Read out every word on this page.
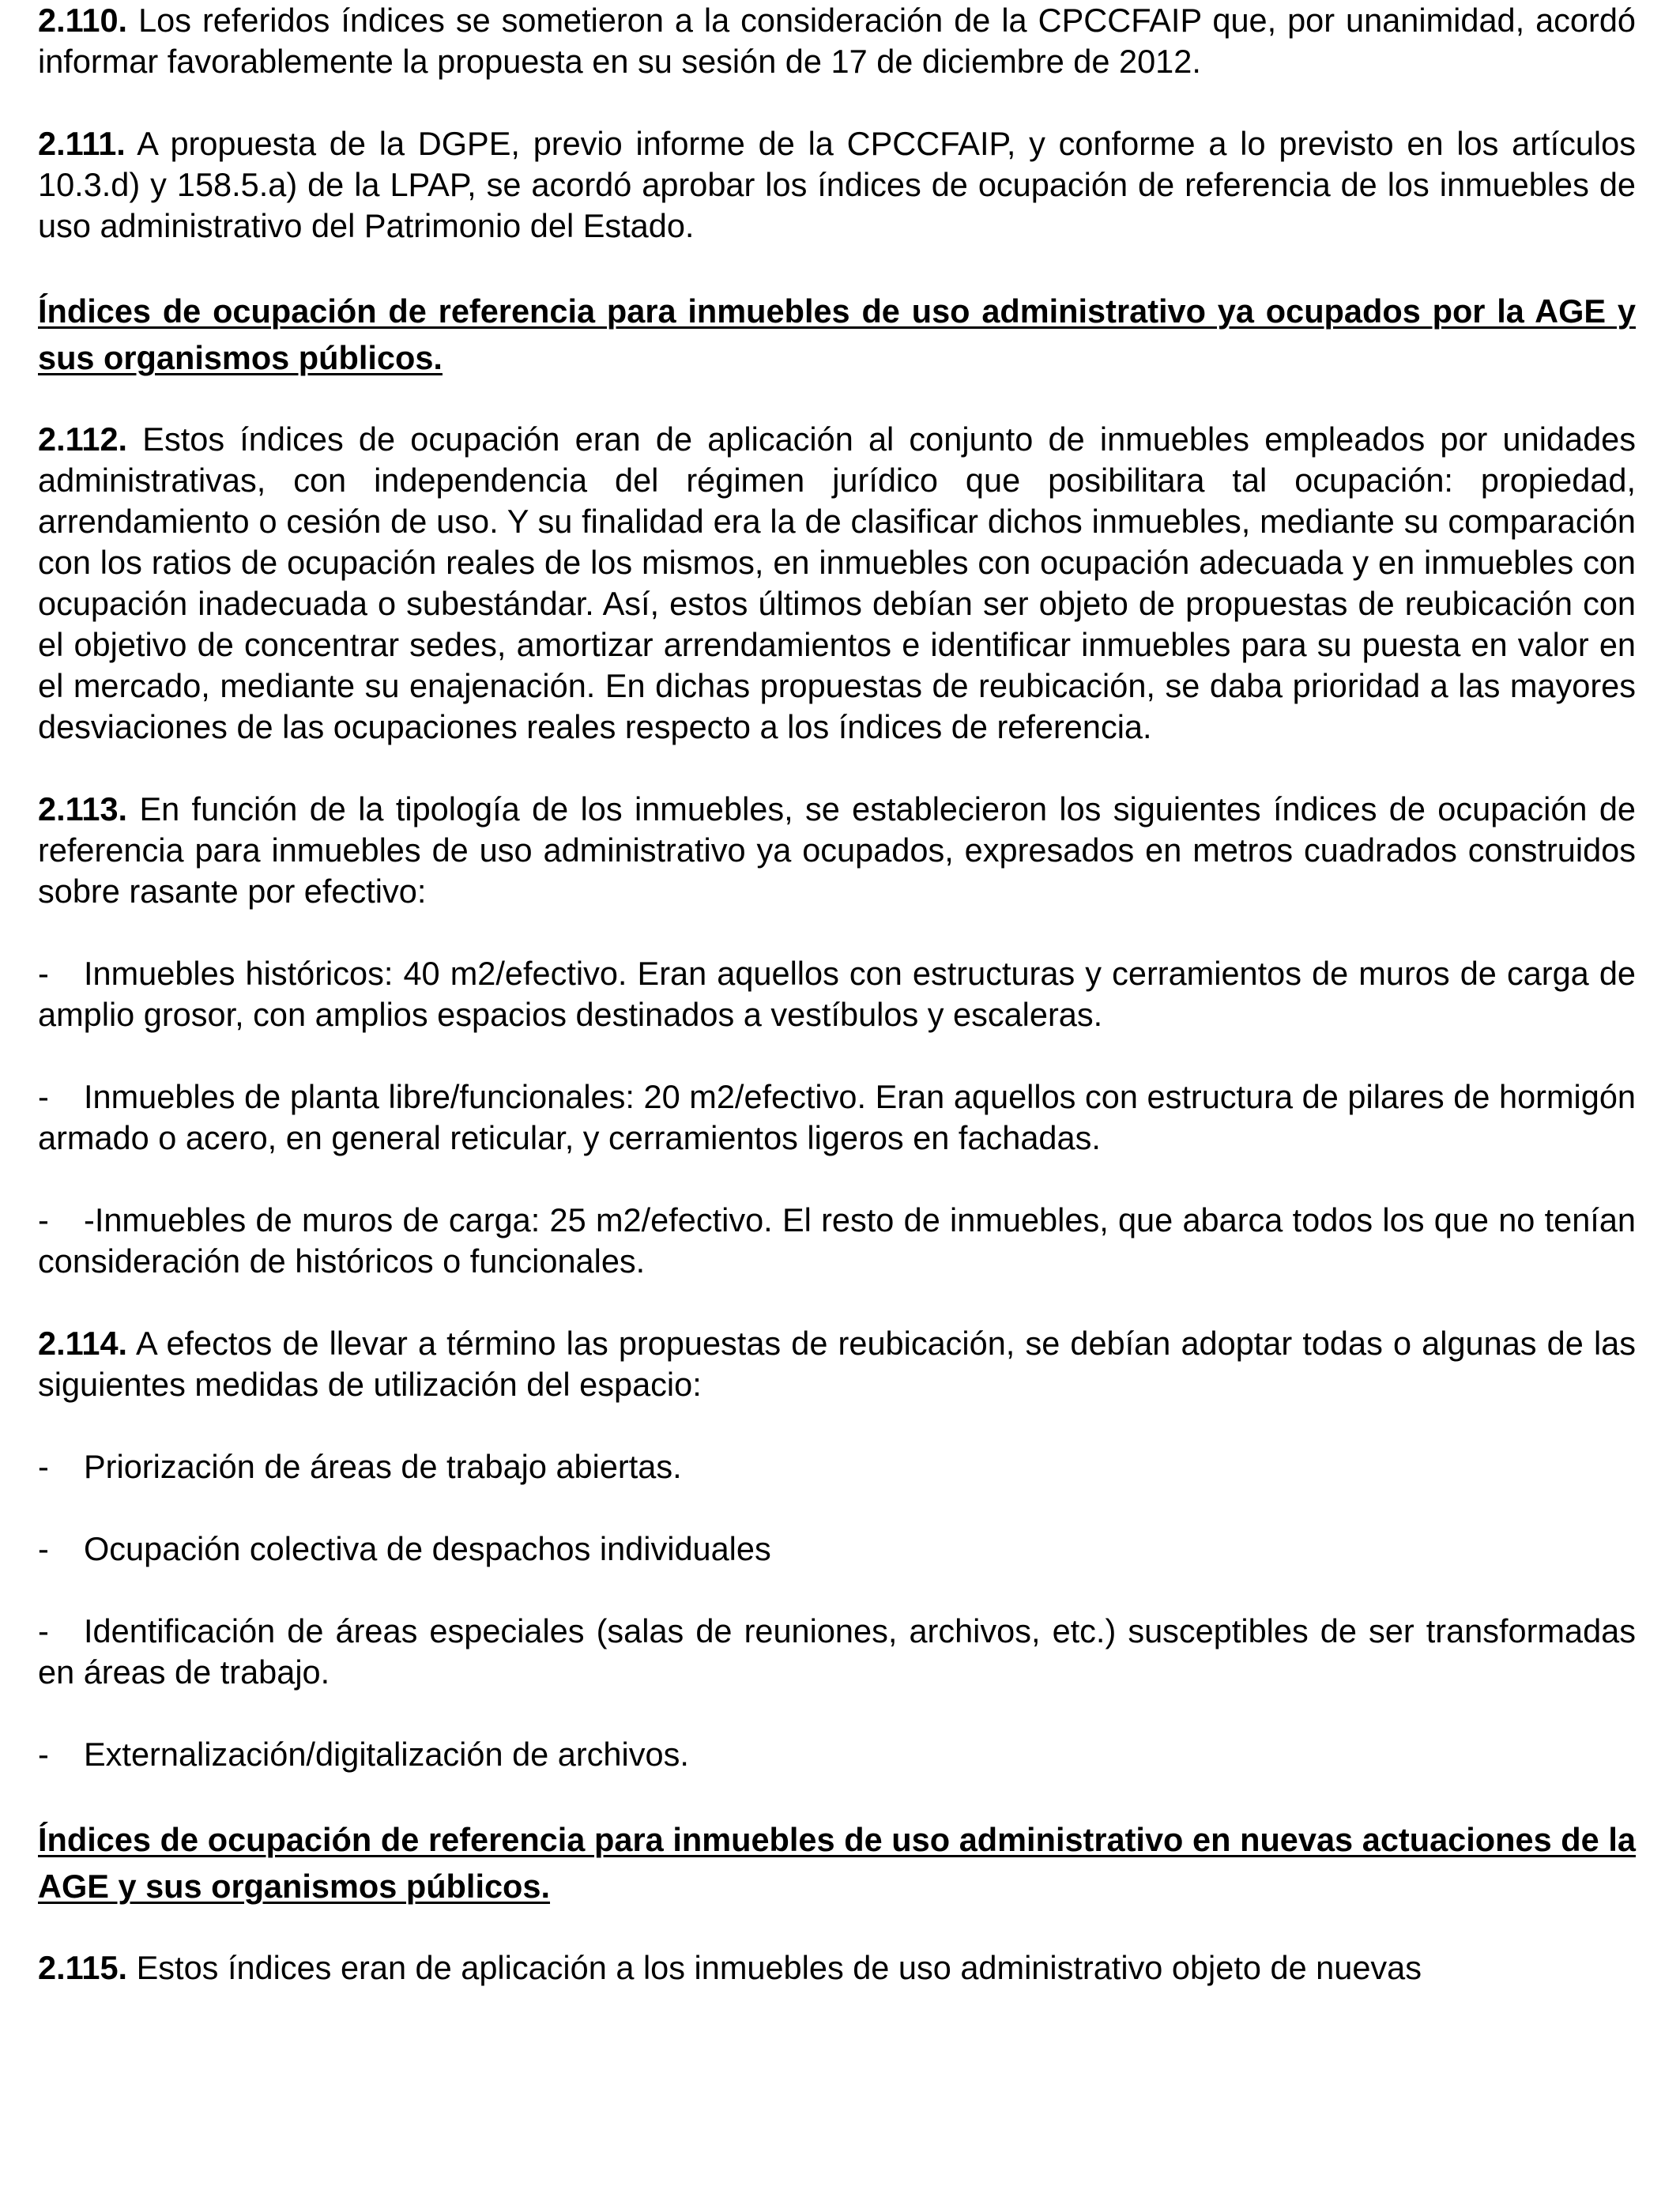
2.110. Los referidos índices se sometieron a la consideración de la CPCCFAIP que, por unanimidad, acordó informar favorablemente la propuesta en su sesión de 17 de diciembre de 2012.

2.111. A propuesta de la DGPE, previo informe de la CPCCFAIP, y conforme a lo previsto en los artículos 10.3.d) y 158.5.a) de la LPAP, se acordó aprobar los índices de ocupación de referencia de los inmuebles de uso administrativo del Patrimonio del Estado.

Índices de ocupación de referencia para inmuebles de uso administrativo ya ocupados por la AGE y sus organismos públicos.

2.112. Estos índices de ocupación eran de aplicación al conjunto de inmuebles empleados por unidades administrativas, con independencia del régimen jurídico que posibilitara tal ocupación: propiedad, arrendamiento o cesión de uso. Y su finalidad era la de clasificar dichos inmuebles, mediante su comparación con los ratios de ocupación reales de los mismos, en inmuebles con ocupación adecuada y en inmuebles con ocupación inadecuada o subestándar. Así, estos últimos debían ser objeto de propuestas de reubicación con el objetivo de concentrar sedes, amortizar arrendamientos e identificar inmuebles para su puesta en valor en el mercado, mediante su enajenación. En dichas propuestas de reubicación, se daba prioridad a las mayores desviaciones de las ocupaciones reales respecto a los índices de referencia.

2.113. En función de la tipología de los inmuebles, se establecieron los siguientes índices de ocupación de referencia para inmuebles de uso administrativo ya ocupados, expresados en metros cuadrados construidos sobre rasante por efectivo:

- Inmuebles históricos: 40 m2/efectivo. Eran aquellos con estructuras y cerramientos de muros de carga de amplio grosor, con amplios espacios destinados a vestíbulos y escaleras.

- Inmuebles de planta libre/funcionales: 20 m2/efectivo. Eran aquellos con estructura de pilares de hormigón armado o acero, en general reticular, y cerramientos ligeros en fachadas.

- -Inmuebles de muros de carga: 25 m2/efectivo. El resto de inmuebles, que abarca todos los que no tenían consideración de históricos o funcionales.

2.114. A efectos de llevar a término las propuestas de reubicación, se debían adoptar todas o algunas de las siguientes medidas de utilización del espacio:

- Priorización de áreas de trabajo abiertas.

- Ocupación colectiva de despachos individuales

- Identificación de áreas especiales (salas de reuniones, archivos, etc.) susceptibles de ser transformadas en áreas de trabajo.

- Externalización/digitalización de archivos.

Índices de ocupación de referencia para inmuebles de uso administrativo en nuevas actuaciones de la AGE y sus organismos públicos.

2.115. Estos índices eran de aplicación a los inmuebles de uso administrativo objeto de nuevas
